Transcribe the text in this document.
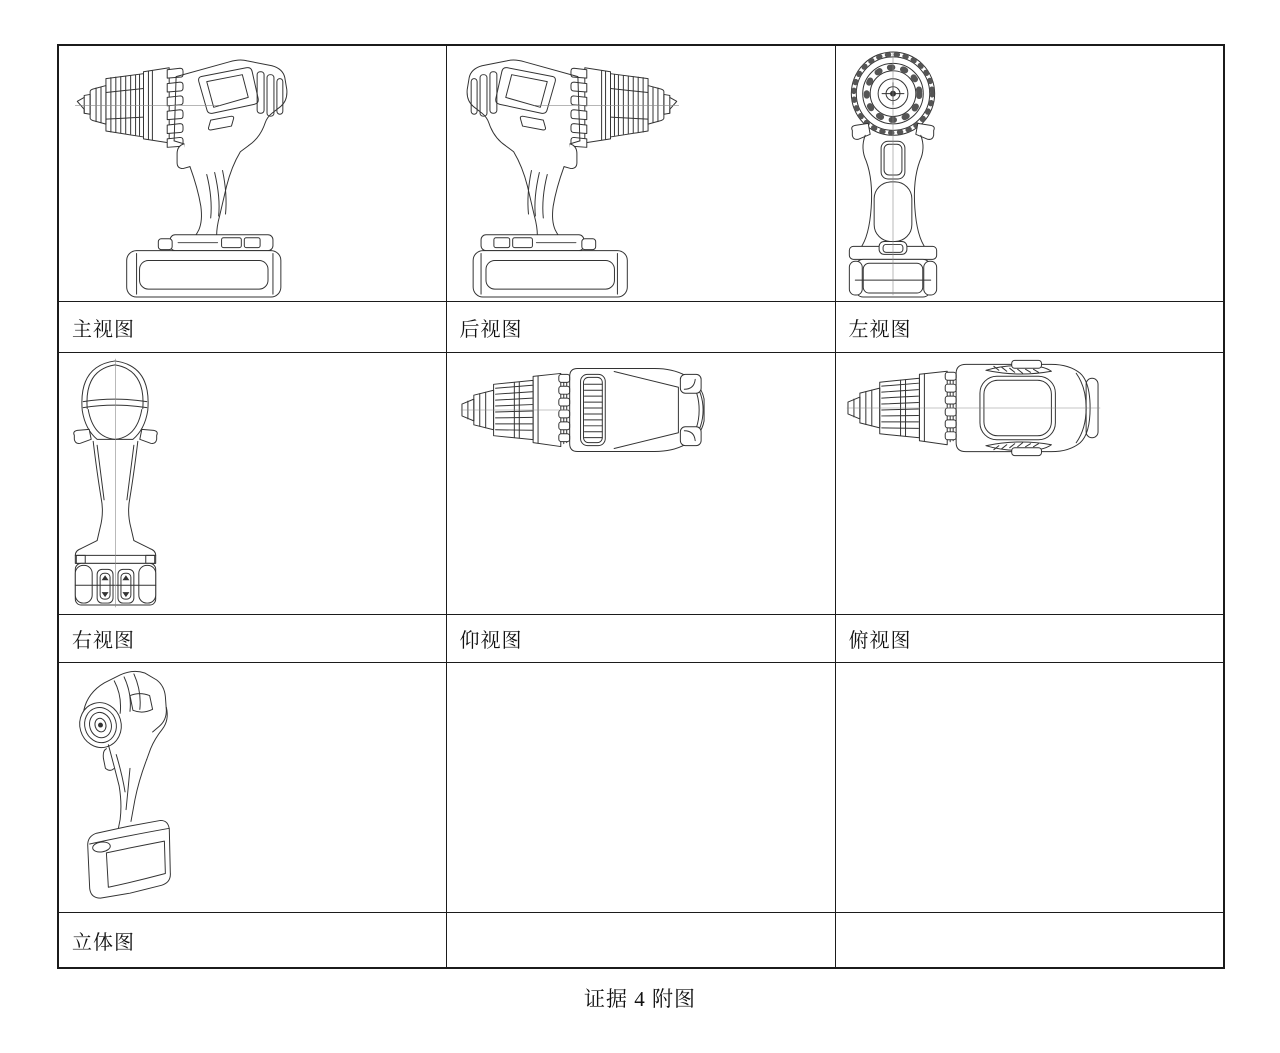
主视图	后视图	左视图

右视图	仰视图	俯视图

立体图		

证据 4 附图
